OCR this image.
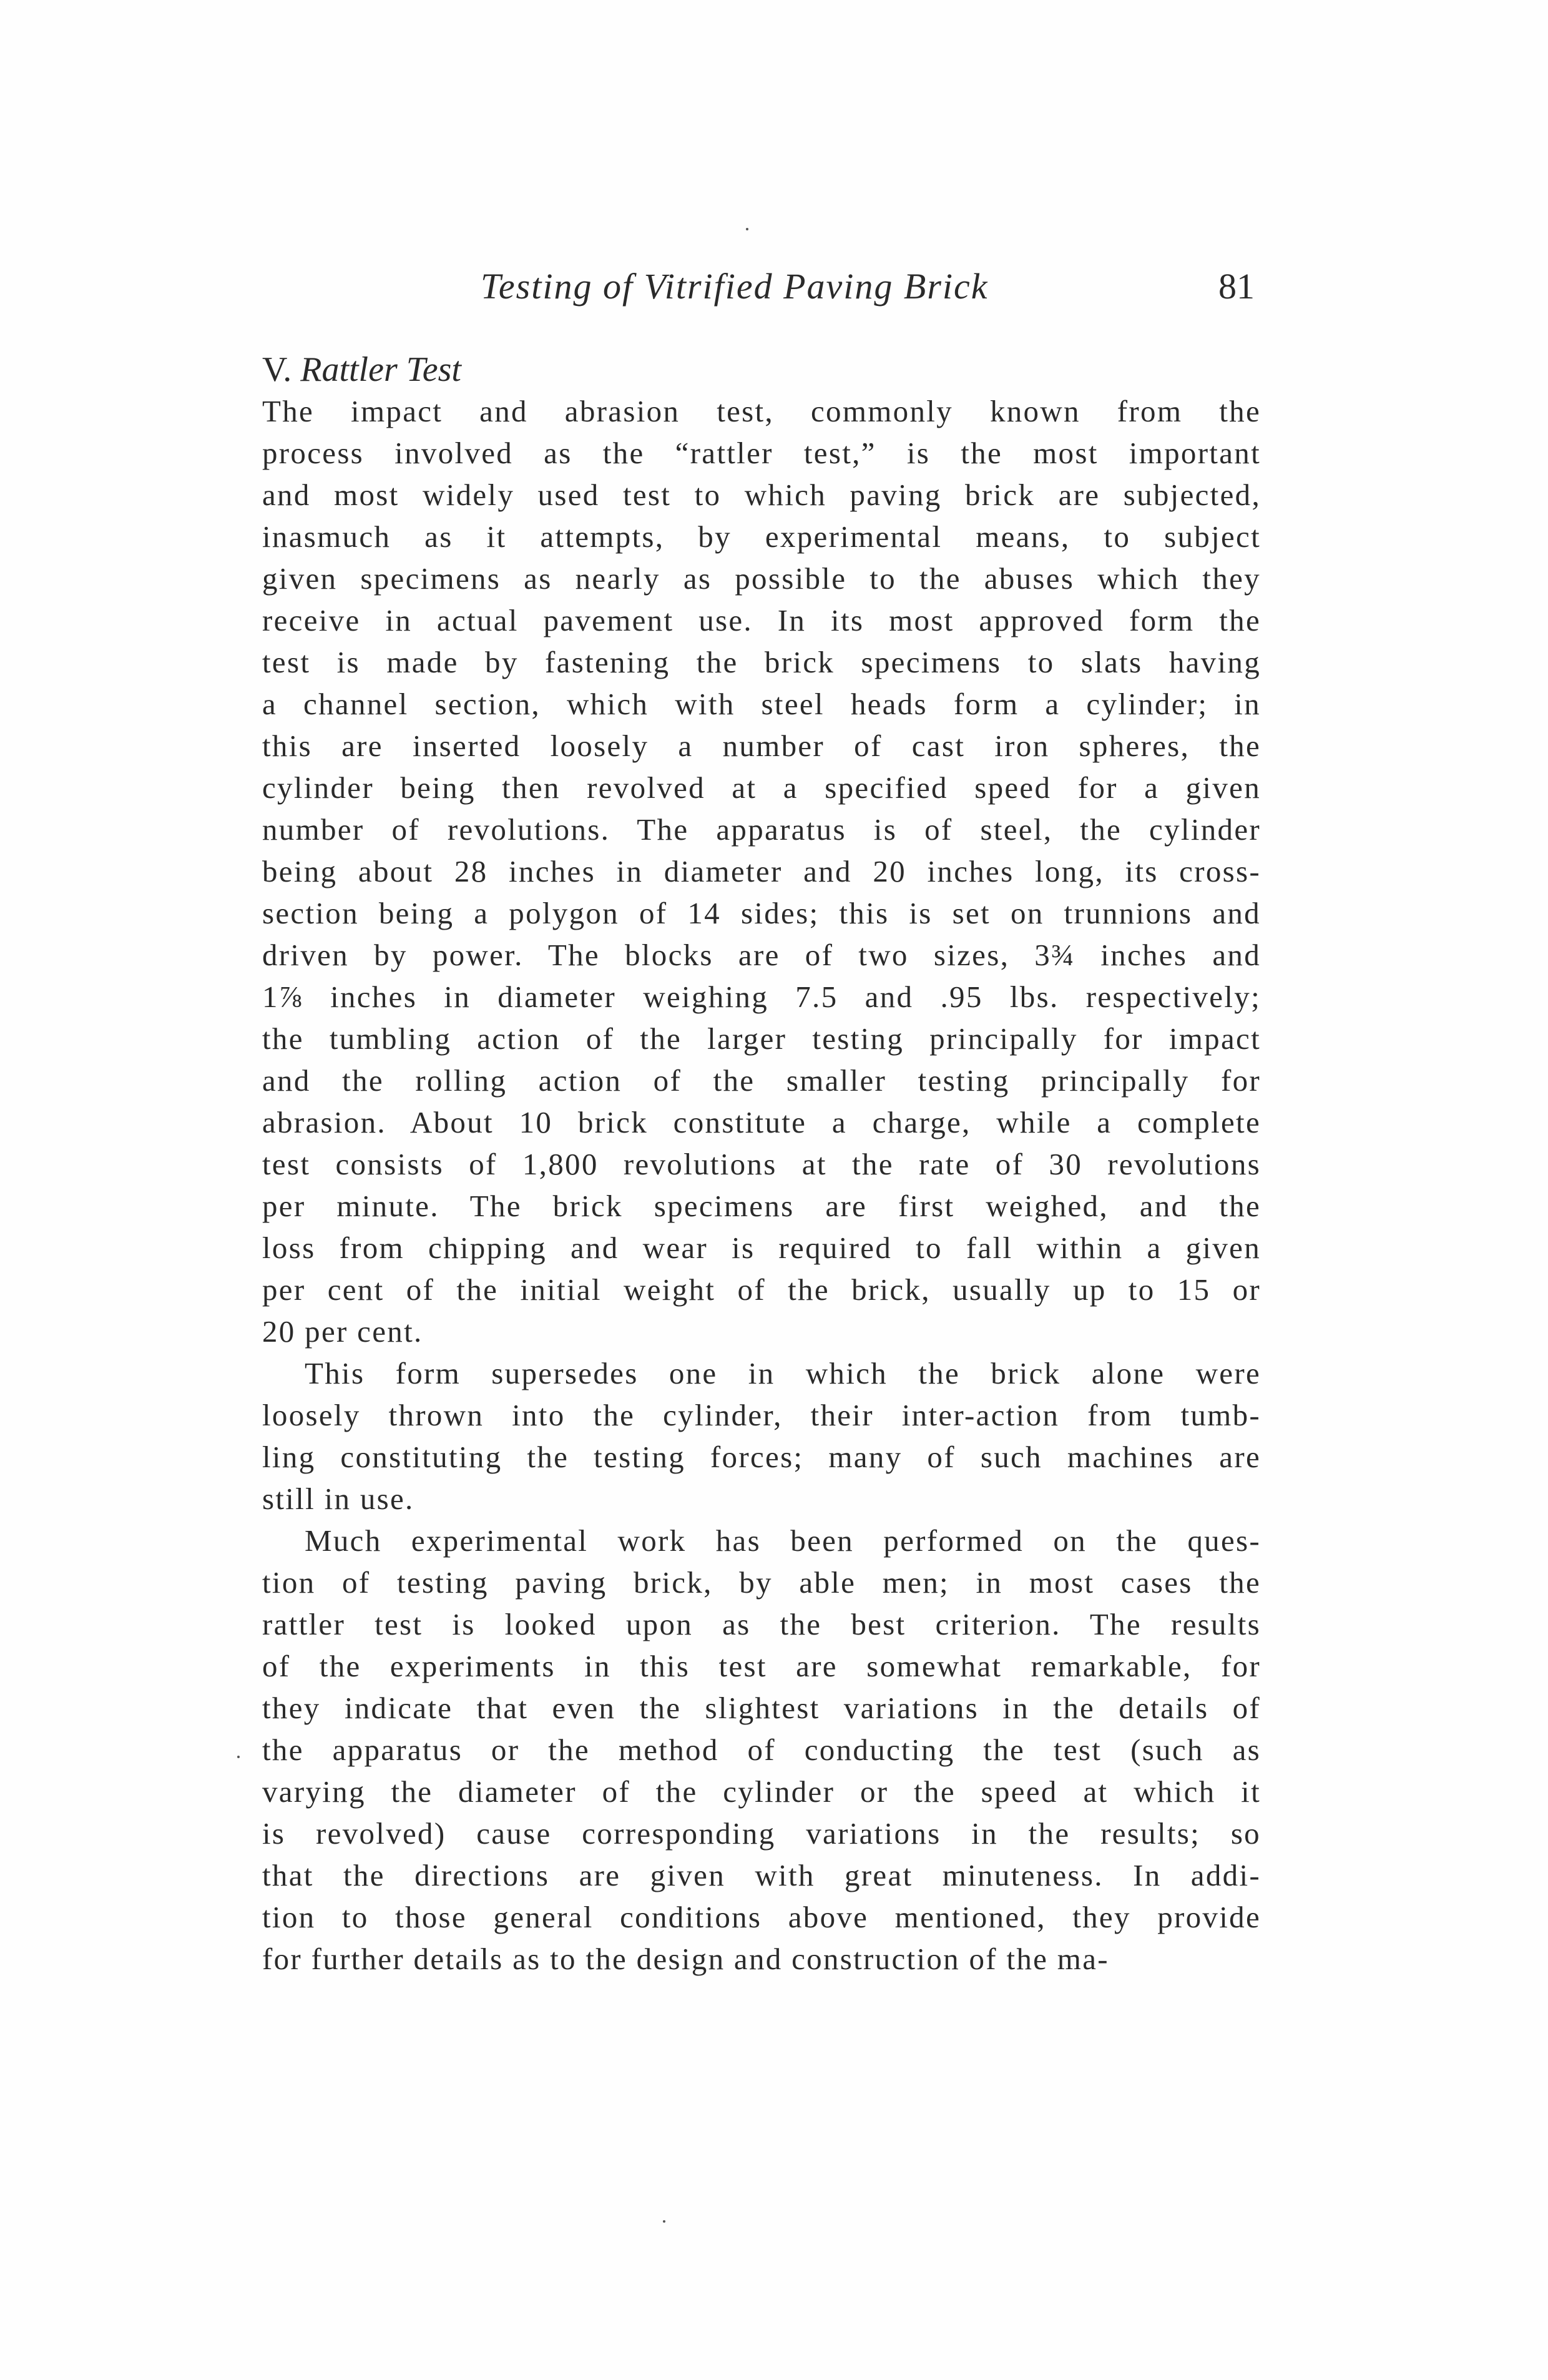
Testing of Vitrified Paving Brick	81
V. Rattler Test
The impact and abrasion test, commonly known from the
process involved as the “rattler test,” is the most important
and most widely used test to which paving brick are subjected,
inasmuch as it attempts, by experimental means, to subject
given specimens as nearly as possible to the abuses which they
receive in actual pavement use. In its most approved form the
test is made by fastening the brick specimens to slats having
a channel section, which with steel heads form a cylinder; in
this are inserted loosely a number of cast iron spheres, the
cylinder being then revolved at a specified speed for a given
number of revolutions. The apparatus is of steel, the cylinder
being about 28 inches in diameter and 20 inches long, its cross-
section being a polygon of 14 sides; this is set on trunnions and
driven by power. The blocks are of two sizes, 3¾ inches and
1⅞ inches in diameter weighing 7.5 and .95 lbs. respectively;
the tumbling action of the larger testing principally for impact
and the rolling action of the smaller testing principally for
abrasion. About 10 brick constitute a charge, while a complete
test consists of 1,800 revolutions at the rate of 30 revolutions
per minute. The brick specimens are first weighed, and the
loss from chipping and wear is required to fall within a given
per cent of the initial weight of the brick, usually up to 15 or
20 per cent.
This form supersedes one in which the brick alone were
loosely thrown into the cylinder, their inter-action from tumb-
ling constituting the testing forces; many of such machines are
still in use.
Much experimental work has been performed on the ques-
tion of testing paving brick, by able men; in most cases the
rattler test is looked upon as the best criterion. The results
of the experiments in this test are somewhat remarkable, for
they indicate that even the slightest variations in the details of
the apparatus or the method of conducting the test (such as
varying the diameter of the cylinder or the speed at which it
is revolved) cause corresponding variations in the results; so
that the directions are given with great minuteness. In addi-
tion to those general conditions above mentioned, they provide
for further details as to the design and construction of the ma-
